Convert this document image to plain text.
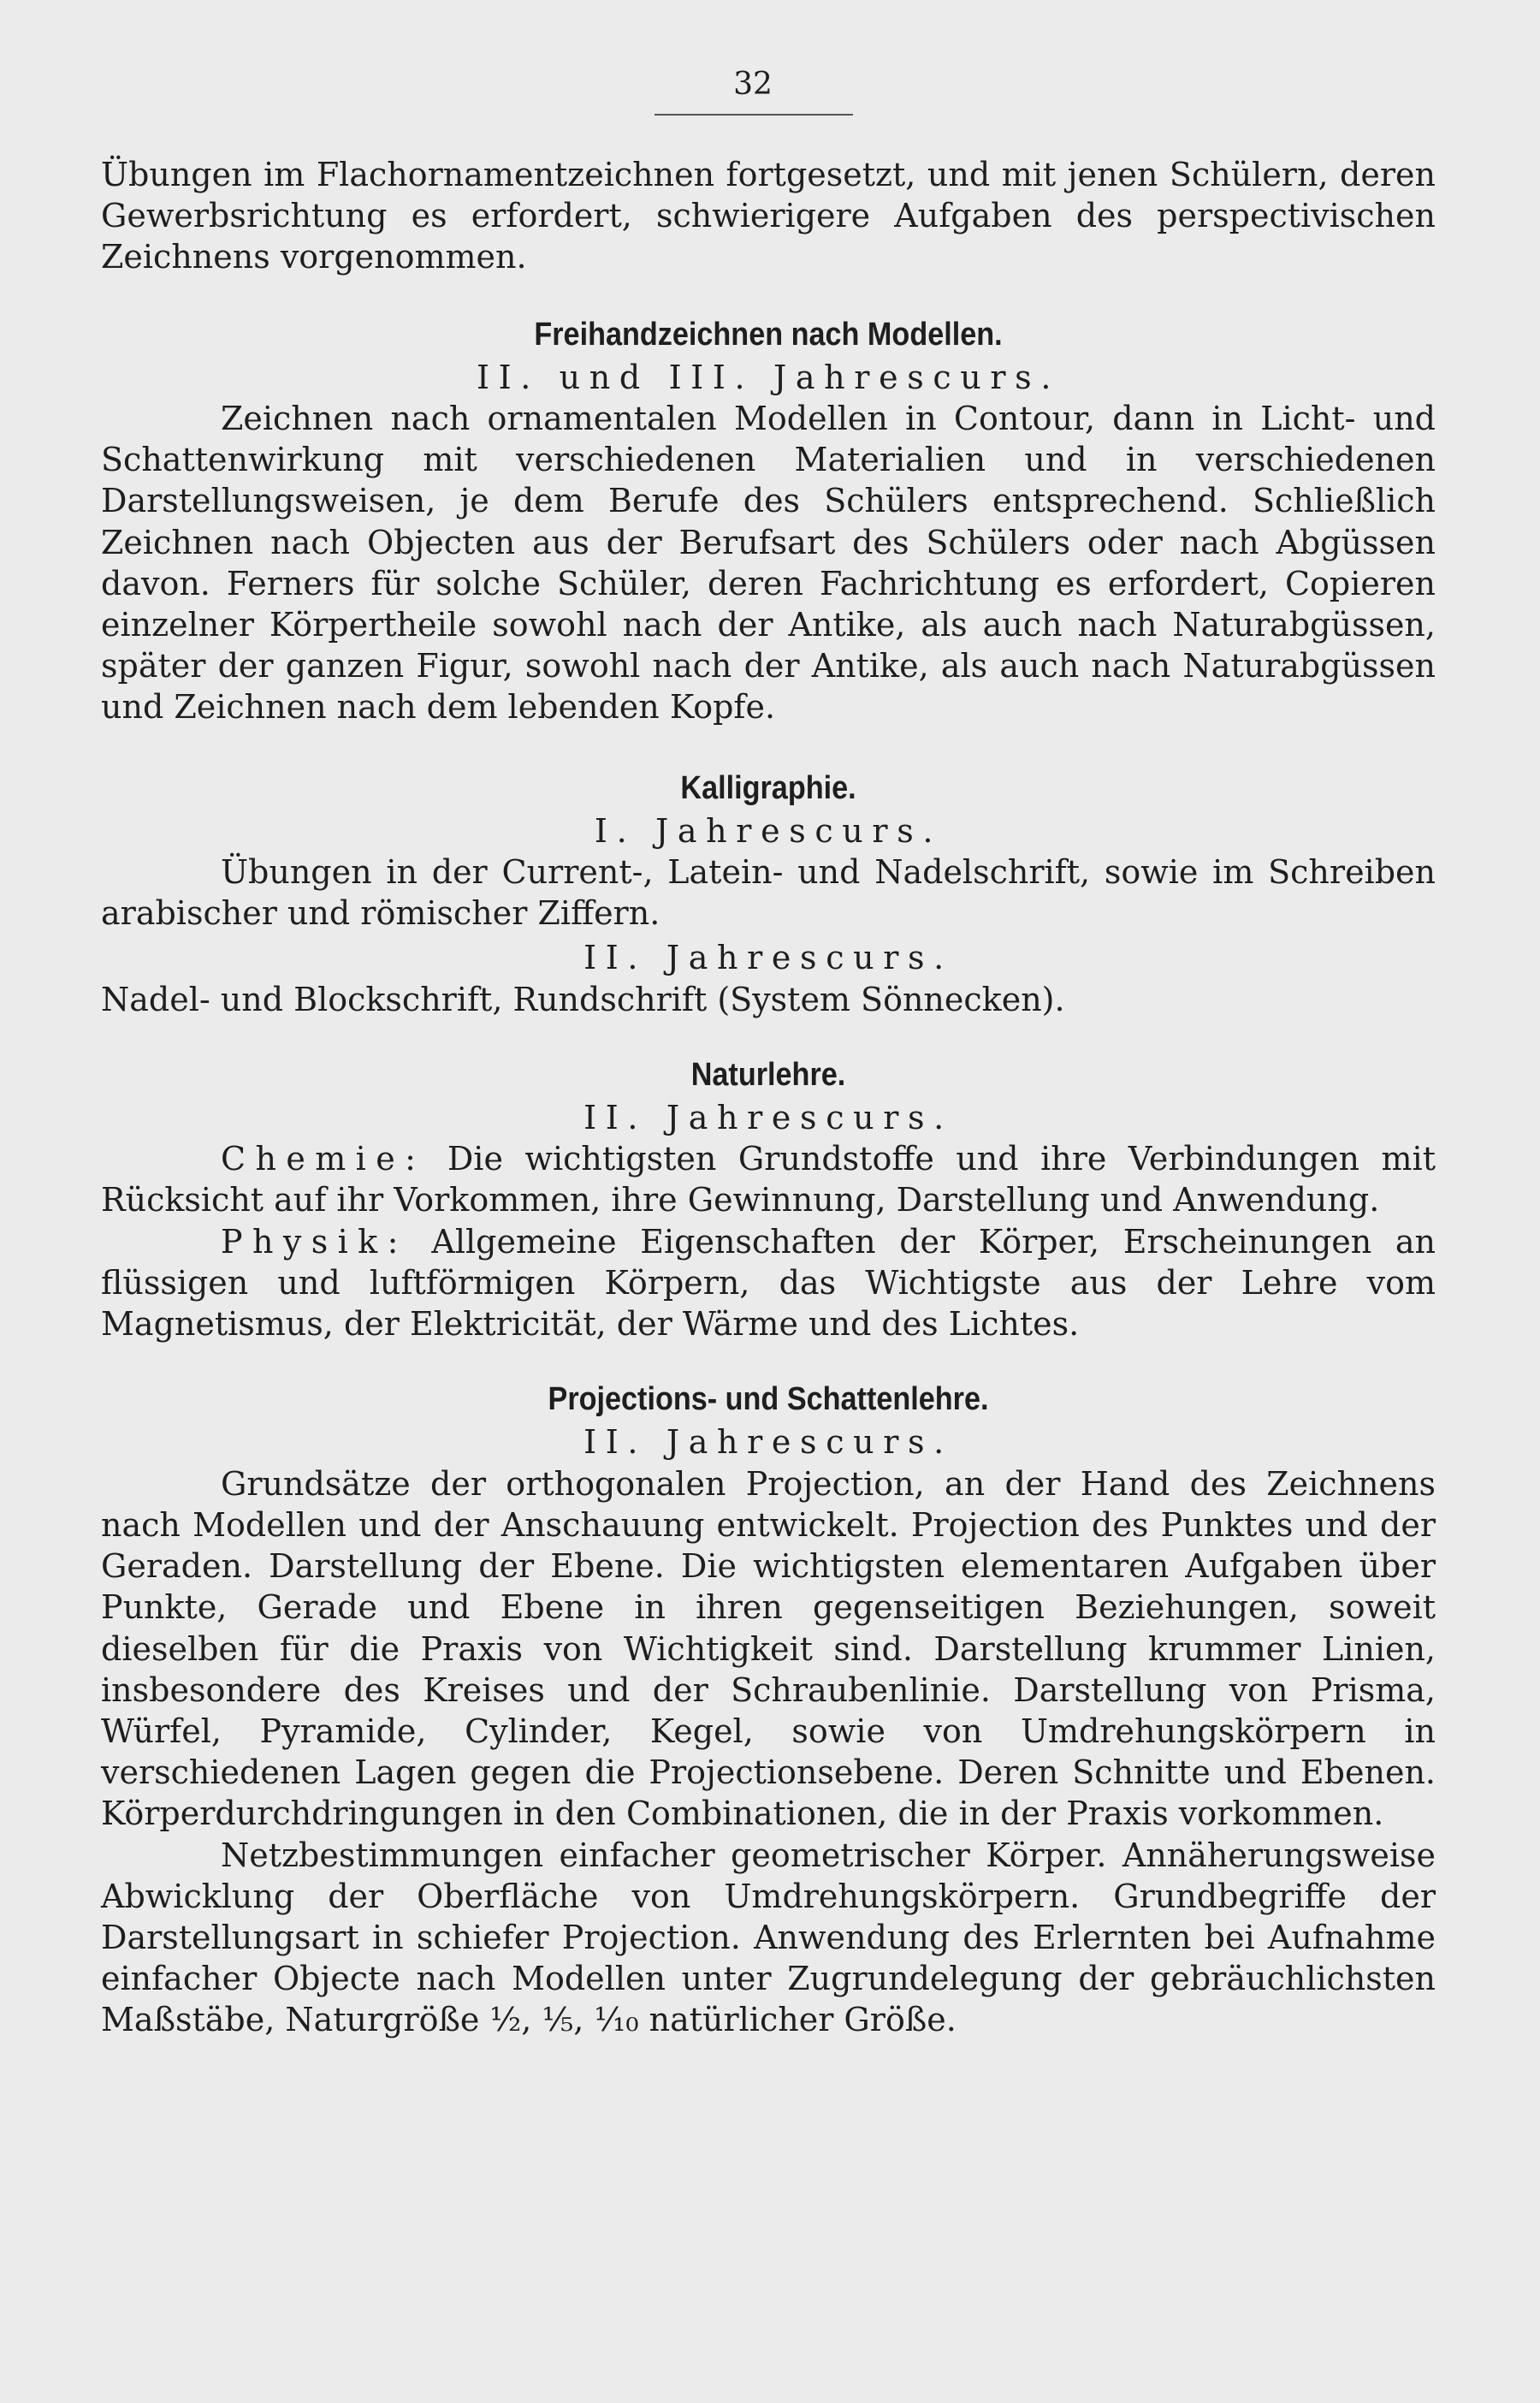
32

Übungen im Flachornamentzeichnen fortgesetzt, und mit jenen Schülern, deren Gewerbsrichtung es erfordert, schwierigere Aufgaben des perspectivischen Zeichnens vorgenommen.

Freihandzeichnen nach Modellen.
II. und III. Jahrescurs.

Zeichnen nach ornamentalen Modellen in Contour, dann in Licht- und Schattenwirkung mit verschiedenen Materialien und in verschiedenen Darstellungsweisen, je dem Berufe des Schülers entsprechend. Schließlich Zeichnen nach Objecten aus der Berufsart des Schülers oder nach Abgüssen davon. Ferners für solche Schüler, deren Fachrichtung es erfordert, Copieren einzelner Körpertheile sowohl nach der Antike, als auch nach Naturabgüssen, später der ganzen Figur, sowohl nach der Antike, als auch nach Naturabgüssen und Zeichnen nach dem lebenden Kopfe.

Kalligraphie.
I. Jahrescurs.

Übungen in der Current-, Latein- und Nadelschrift, sowie im Schreiben arabischer und römischer Ziffern.

II. Jahrescurs.

Nadel- und Blockschrift, Rundschrift (System Sönnecken).

Naturlehre.
II. Jahrescurs.

Chemie: Die wichtigsten Grundstoffe und ihre Verbindungen mit Rücksicht auf ihr Vorkommen, ihre Gewinnung, Darstellung und Anwendung.

Physik: Allgemeine Eigenschaften der Körper, Erscheinungen an flüssigen und luftförmigen Körpern, das Wichtigste aus der Lehre vom Magnetismus, der Elektricität, der Wärme und des Lichtes.

Projections- und Schattenlehre.
II. Jahrescurs.

Grundsätze der orthogonalen Projection, an der Hand des Zeichnens nach Modellen und der Anschauung entwickelt. Projection des Punktes und der Geraden. Darstellung der Ebene. Die wichtigsten elementaren Aufgaben über Punkte, Gerade und Ebene in ihren gegenseitigen Beziehungen, soweit dieselben für die Praxis von Wichtigkeit sind. Darstellung krummer Linien, insbesondere des Kreises und der Schraubenlinie. Darstellung von Prisma, Würfel, Pyramide, Cylinder, Kegel, sowie von Umdrehungskörpern in verschiedenen Lagen gegen die Projectionsebene. Deren Schnitte und Ebenen. Körperdurchdringungen in den Combinationen, die in der Praxis vorkommen.

Netzbestimmungen einfacher geometrischer Körper. Annäherungsweise Abwicklung der Oberfläche von Umdrehungskörpern. Grundbegriffe der Darstellungsart in schiefer Projection. Anwendung des Erlernten bei Aufnahme einfacher Objecte nach Modellen unter Zugrundelegung der gebräuchlichsten Maßstäbe, Naturgröße ½, ⅕, ⅒ natürlicher Größe.
